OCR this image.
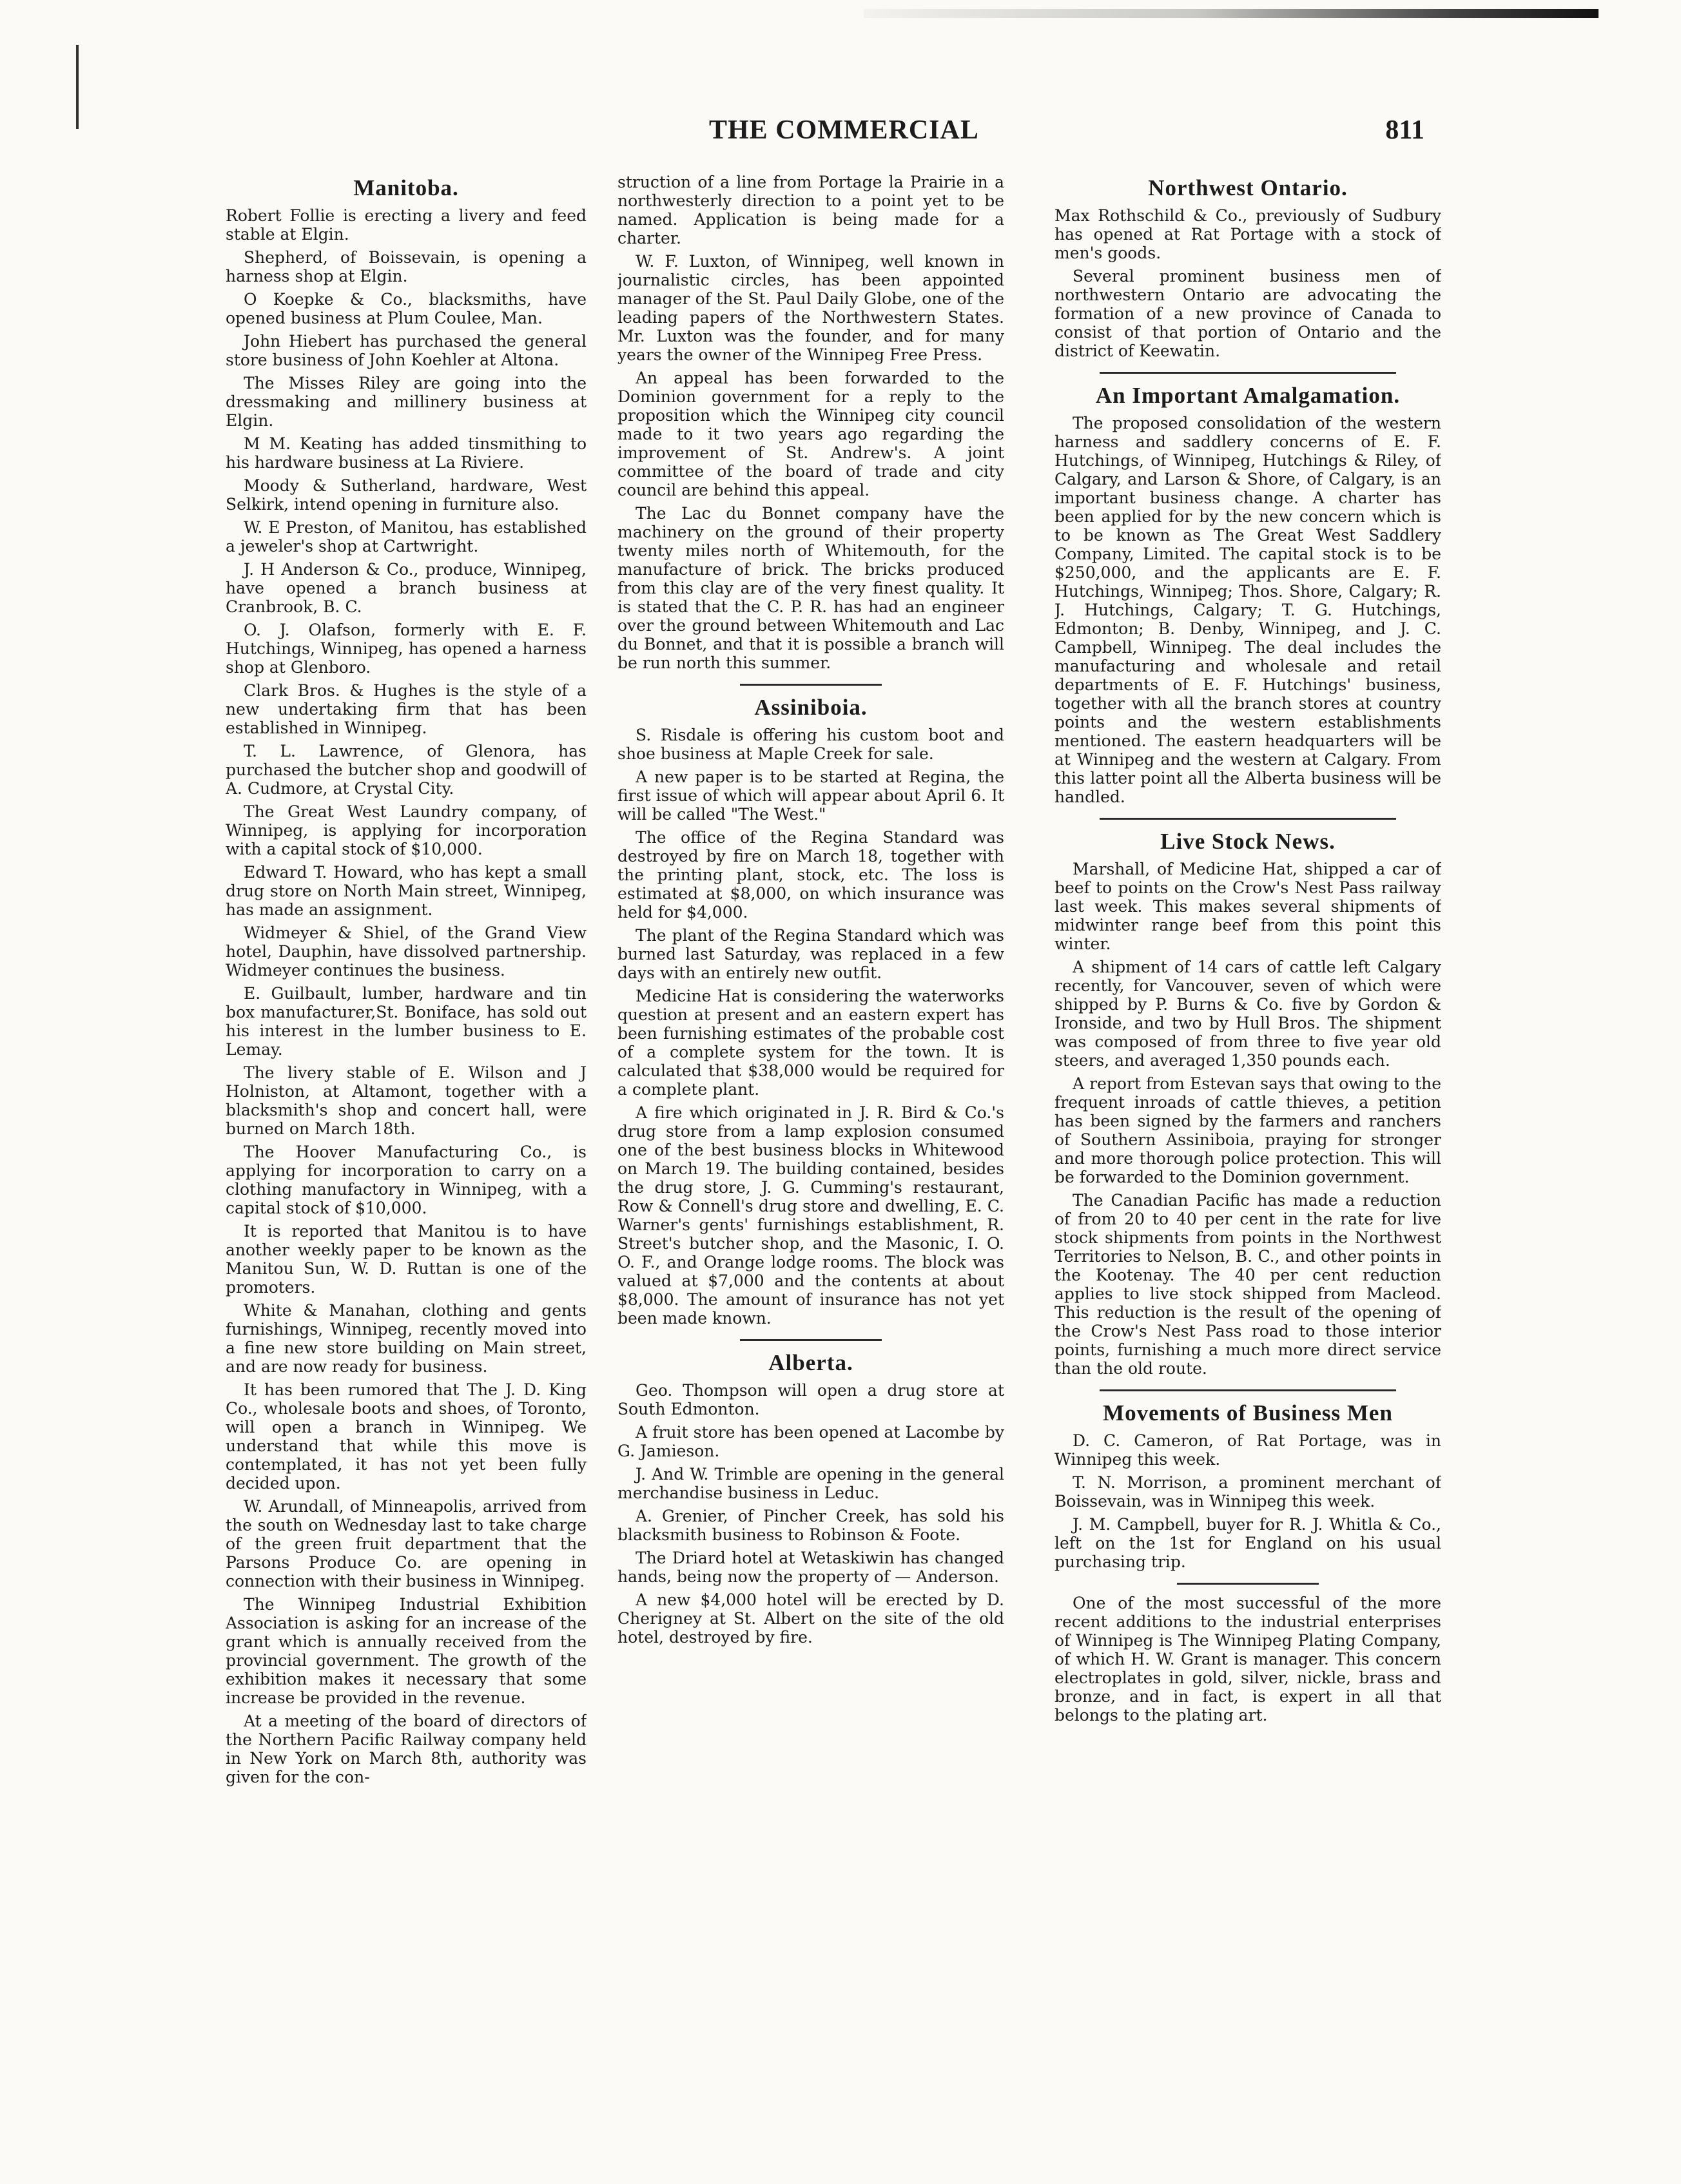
THE COMMERCIAL	811
Manitoba.

Robert Follie is erecting a livery and feed stable at Elgin.

Shepherd, of Boissevain, is opening a harness shop at Elgin.

O Koepke & Co., blacksmiths, have opened business at Plum Coulee, Man.

John Hiebert has purchased the general store business of John Koehler at Altona.

The Misses Riley are going into the dressmaking and millinery business at Elgin.

M M. Keating has added tinsmithing to his hardware business at La Riviere.

Moody & Sutherland, hardware, West Selkirk, intend opening in furniture also.

W. E Preston, of Manitou, has established a jeweler's shop at Cartwright.

J. H Anderson & Co., produce, Winnipeg, have opened a branch business at Cranbrook, B. C.

O. J. Olafson, formerly with E. F. Hutchings, Winnipeg, has opened a harness shop at Glenboro.

Clark Bros. & Hughes is the style of a new undertaking firm that has been established in Winnipeg.

T. L. Lawrence, of Glenora, has purchased the butcher shop and goodwill of A. Cudmore, at Crystal City.

The Great West Laundry company, of Winnipeg, is applying for incorporation with a capital stock of $10,000.

Edward T. Howard, who has kept a small drug store on North Main street, Winnipeg, has made an assignment.

Widmeyer & Shiel, of the Grand View hotel, Dauphin, have dissolved partnership. Widmeyer continues the business.

E. Guilbault, lumber, hardware and tin box manufacturer,St. Boniface, has sold out his interest in the lumber business to E. Lemay.

The livery stable of E. Wilson and J Holniston, at Altamont, together with a blacksmith's shop and concert hall, were burned on March 18th.

The Hoover Manufacturing Co., is applying for incorporation to carry on a clothing manufactory in Winnipeg, with a capital stock of $10,000.

It is reported that Manitou is to have another weekly paper to be known as the Manitou Sun, W. D. Ruttan is one of the promoters.

White & Manahan, clothing and gents furnishings, Winnipeg, recently moved into a fine new store building on Main street, and are now ready for business.

It has been rumored that The J. D. King Co., wholesale boots and shoes, of Toronto, will open a branch in Winnipeg. We understand that while this move is contemplated, it has not yet been fully decided upon.

W. Arundall, of Minneapolis, arrived from the south on Wednesday last to take charge of the green fruit department that the Parsons Produce Co. are opening in connection with their business in Winnipeg.

The Winnipeg Industrial Exhibition Association is asking for an increase of the grant which is annually received from the provincial government. The growth of the exhibition makes it necessary that some increase be provided in the revenue.

At a meeting of the board of directors of the Northern Pacific Railway company held in New York on March 8th, authority was given for the con-

struction of a line from Portage la Prairie in a northwesterly direction to a point yet to be named. Application is being made for a charter.

W. F. Luxton, of Winnipeg, well known in journalistic circles, has been appointed manager of the St. Paul Daily Globe, one of the leading papers of the Northwestern States. Mr. Luxton was the founder, and for many years the owner of the Winnipeg Free Press.

An appeal has been forwarded to the Dominion government for a reply to the proposition which the Winnipeg city council made to it two years ago regarding the improvement of St. Andrew's. A joint committee of the board of trade and city council are behind this appeal.

The Lac du Bonnet company have the machinery on the ground of their property twenty miles north of Whitemouth, for the manufacture of brick. The bricks produced from this clay are of the very finest quality. It is stated that the C. P. R. has had an engineer over the ground between Whitemouth and Lac du Bonnet, and that it is possible a branch will be run north this summer.

Assiniboia.

S. Risdale is offering his custom boot and shoe business at Maple Creek for sale.

A new paper is to be started at Regina, the first issue of which will appear about April 6. It will be called "The West."

The office of the Regina Standard was destroyed by fire on March 18, together with the printing plant, stock, etc. The loss is estimated at $8,000, on which insurance was held for $4,000.

The plant of the Regina Standard which was burned last Saturday, was replaced in a few days with an entirely new outfit.

Medicine Hat is considering the waterworks question at present and an eastern expert has been furnishing estimates of the probable cost of a complete system for the town. It is calculated that $38,000 would be required for a complete plant.

A fire which originated in J. R. Bird & Co.'s drug store from a lamp explosion consumed one of the best business blocks in Whitewood on March 19. The building contained, besides the drug store, J. G. Cumming's restaurant, Row & Connell's drug store and dwelling, E. C. Warner's gents' furnishings establishment, R. Street's butcher shop, and the Masonic, I. O. O. F., and Orange lodge rooms. The block was valued at $7,000 and the contents at about $8,000. The amount of insurance has not yet been made known.

Alberta.

Geo. Thompson will open a drug store at South Edmonton.

A fruit store has been opened at Lacombe by G. Jamieson.

J. And W. Trimble are opening in the general merchandise business in Leduc.

A. Grenier, of Pincher Creek, has sold his blacksmith business to Robinson & Foote.

The Driard hotel at Wetaskiwin has changed hands, being now the property of — Anderson.

A new $4,000 hotel will be erected by D. Cherigney at St. Albert on the site of the old hotel, destroyed by fire.

Northwest Ontario.

Max Rothschild & Co., previously of Sudbury has opened at Rat Portage with a stock of men's goods.

Several prominent business men of northwestern Ontario are advocating the formation of a new province of Canada to consist of that portion of Ontario and the district of Keewatin.

An Important Amalgamation.

The proposed consolidation of the western harness and saddlery concerns of E. F. Hutchings, of Winnipeg, Hutchings & Riley, of Calgary, and Larson & Shore, of Calgary, is an important business change. A charter has been applied for by the new concern which is to be known as The Great West Saddlery Company, Limited. The capital stock is to be $250,000, and the applicants are E. F. Hutchings, Winnipeg; Thos. Shore, Calgary; R. J. Hutchings, Calgary; T. G. Hutchings, Edmonton; B. Denby, Winnipeg, and J. C. Campbell, Winnipeg. The deal includes the manufacturing and wholesale and retail departments of E. F. Hutchings' business, together with all the branch stores at country points and the western establishments mentioned. The eastern headquarters will be at Winnipeg and the western at Calgary. From this latter point all the Alberta business will be handled.

Live Stock News.

Marshall, of Medicine Hat, shipped a car of beef to points on the Crow's Nest Pass railway last week. This makes several shipments of midwinter range beef from this point this winter.

A shipment of 14 cars of cattle left Calgary recently, for Vancouver, seven of which were shipped by P. Burns & Co. five by Gordon & Ironside, and two by Hull Bros. The shipment was composed of from three to five year old steers, and averaged 1,350 pounds each.

A report from Estevan says that owing to the frequent inroads of cattle thieves, a petition has been signed by the farmers and ranchers of Southern Assiniboia, praying for stronger and more thorough police protection. This will be forwarded to the Dominion government.

The Canadian Pacific has made a reduction of from 20 to 40 per cent in the rate for live stock shipments from points in the Northwest Territories to Nelson, B. C., and other points in the Kootenay. The 40 per cent reduction applies to live stock shipped from Macleod. This reduction is the result of the opening of the Crow's Nest Pass road to those interior points, furnishing a much more direct service than the old route.

Movements of Business Men

D. C. Cameron, of Rat Portage, was in Winnipeg this week.

T. N. Morrison, a prominent merchant of Boissevain, was in Winnipeg this week.

J. M. Campbell, buyer for R. J. Whitla & Co., left on the 1st for England on his usual purchasing trip.

One of the most successful of the more recent additions to the industrial enterprises of Winnipeg is The Winnipeg Plating Company, of which H. W. Grant is manager. This concern electroplates in gold, silver, nickle, brass and bronze, and in fact, is expert in all that belongs to the plating art.
